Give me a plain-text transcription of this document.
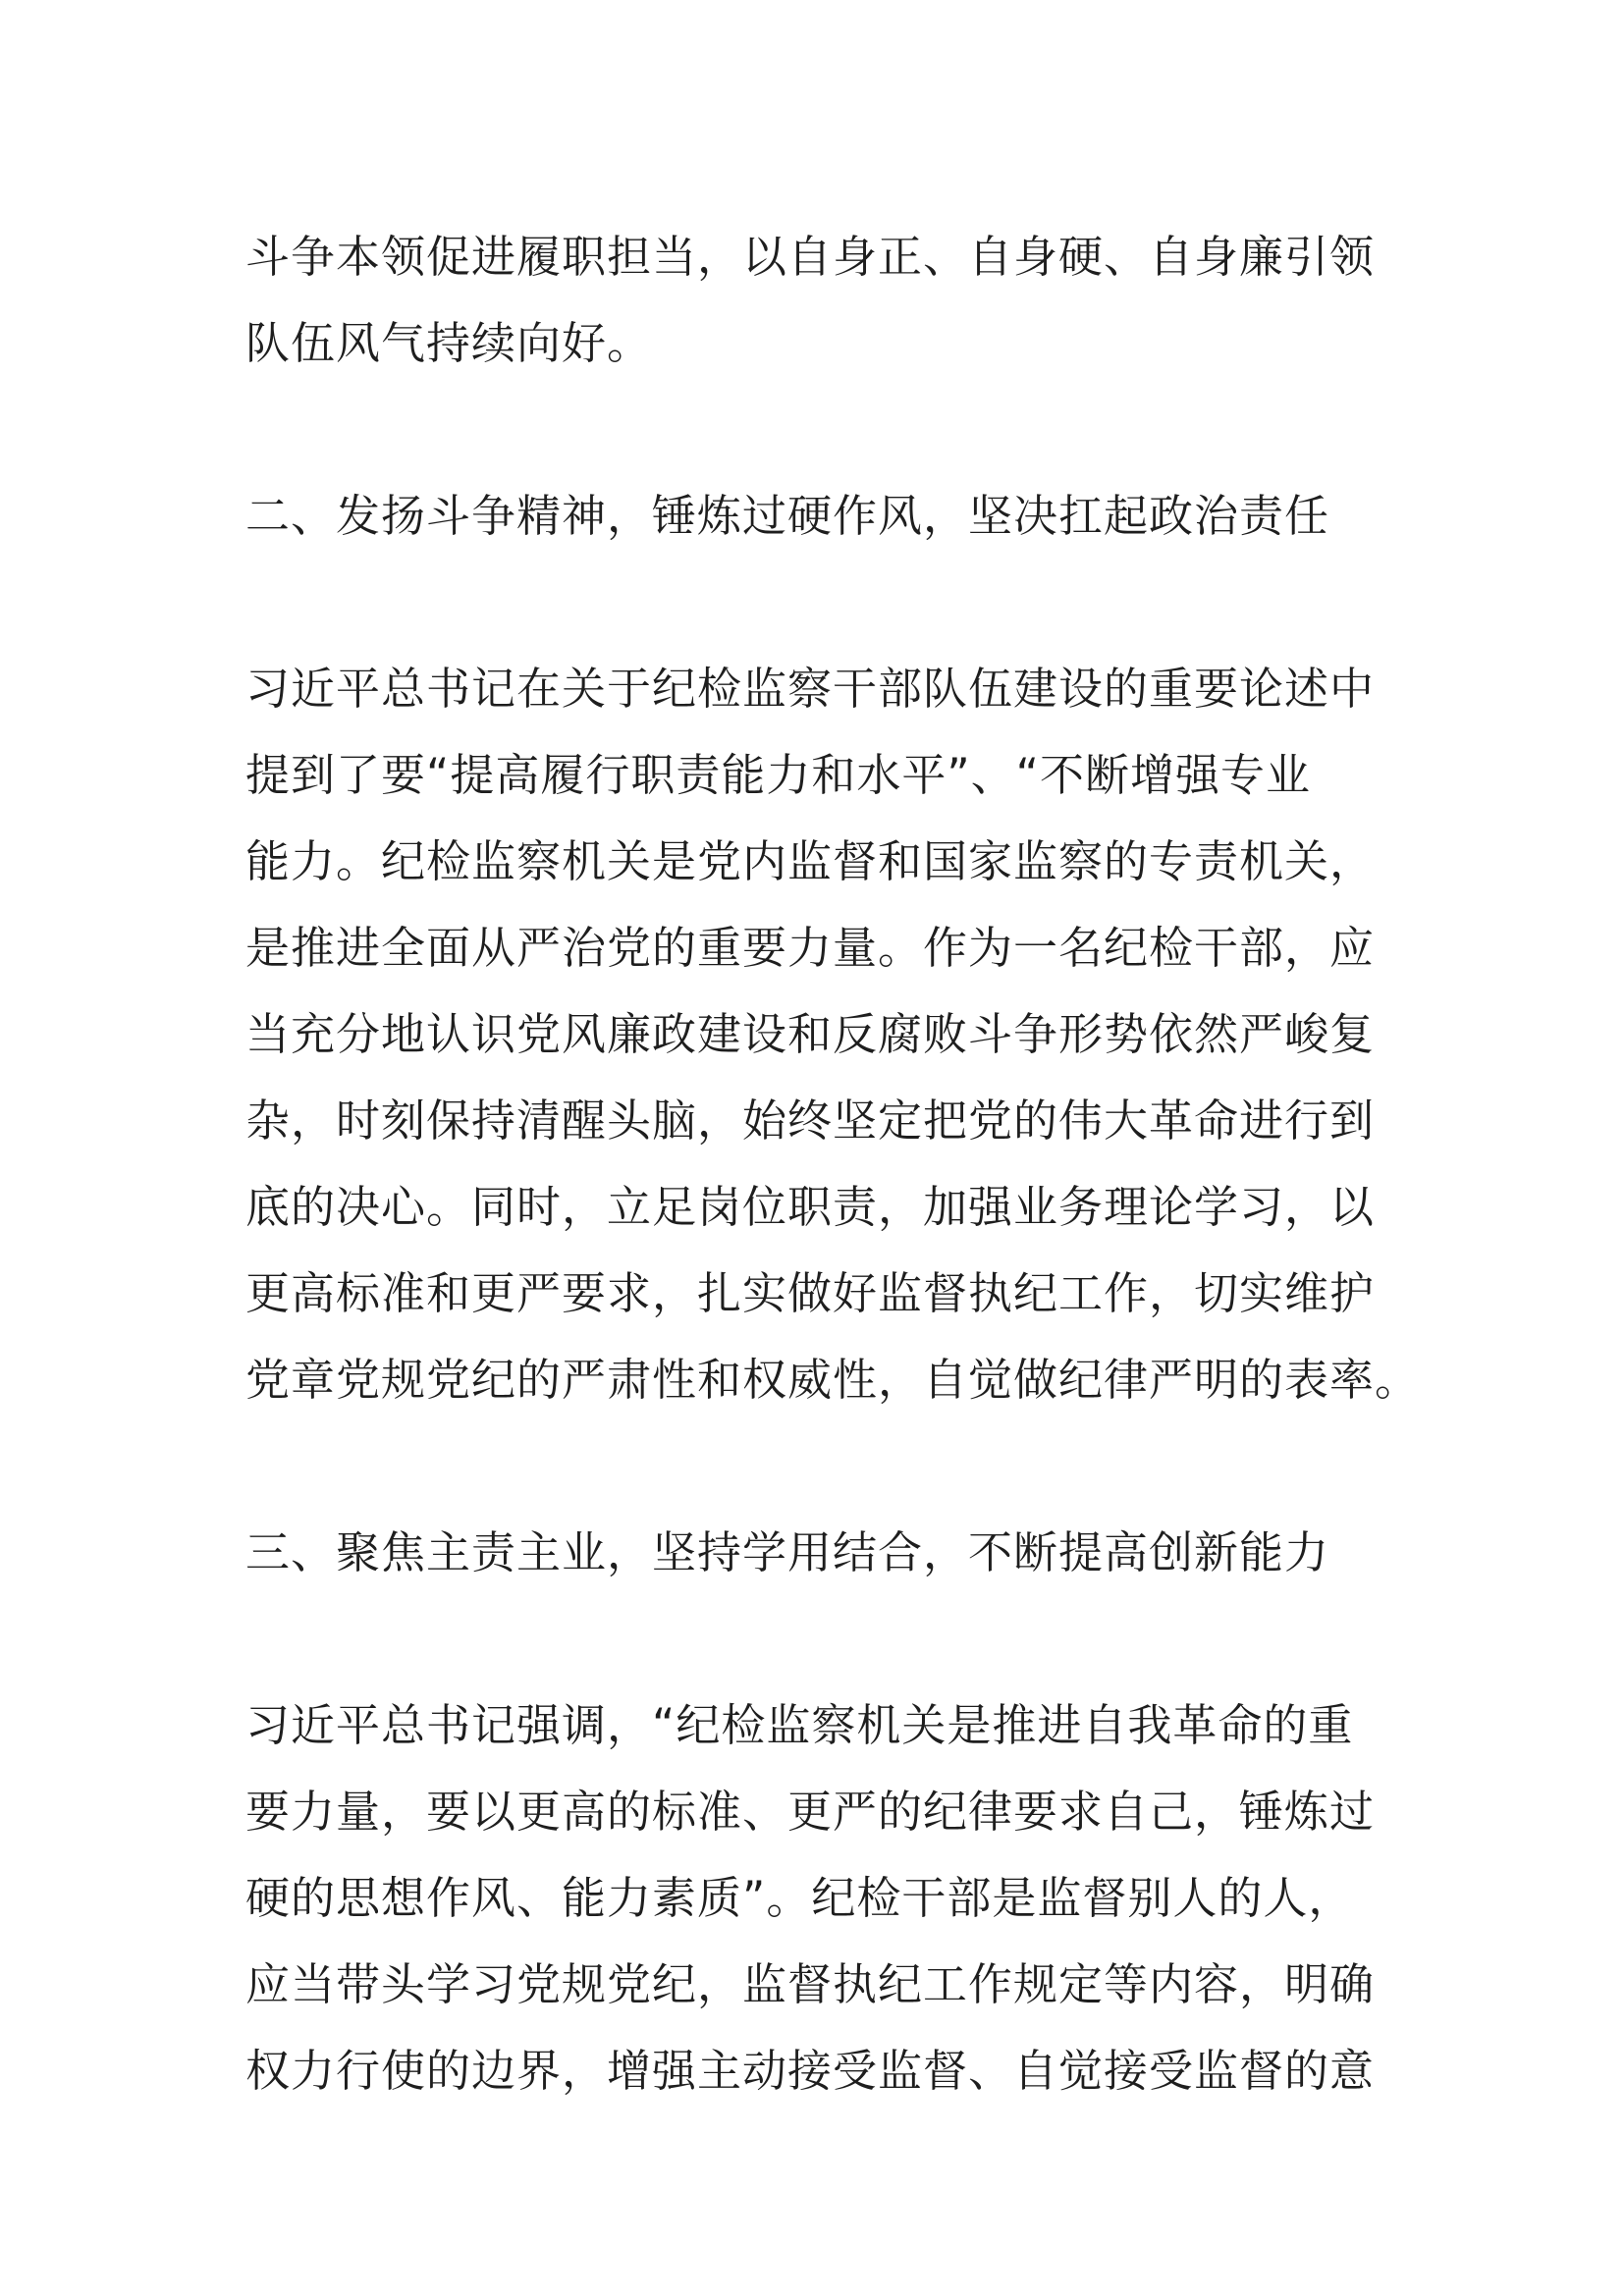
斗争本领促进履职担当，以自身正、自身硬、自身廉引领
队伍风气持续向好。
二、发扬斗争精神，锤炼过硬作风，坚决扛起政治责任
习近平总书记在关于纪检监察干部队伍建设的重要论述中
提到了要“提高履行职责能力和水平”、“不断增强专业
能力。纪检监察机关是党内监督和国家监察的专责机关，
是推进全面从严治党的重要力量。作为一名纪检干部，应
当充分地认识党风廉政建设和反腐败斗争形势依然严峻复
杂，时刻保持清醒头脑，始终坚定把党的伟大革命进行到
底的决心。同时，立足岗位职责，加强业务理论学习，以
更高标准和更严要求，扎实做好监督执纪工作，切实维护
党章党规党纪的严肃性和权威性，自觉做纪律严明的表率。
三、聚焦主责主业，坚持学用结合，不断提高创新能力
习近平总书记强调，“纪检监察机关是推进自我革命的重
要力量，要以更高的标准、更严的纪律要求自己，锤炼过
硬的思想作风、能力素质”。纪检干部是监督别人的人，
应当带头学习党规党纪，监督执纪工作规定等内容，明确
权力行使的边界，增强主动接受监督、自觉接受监督的意
